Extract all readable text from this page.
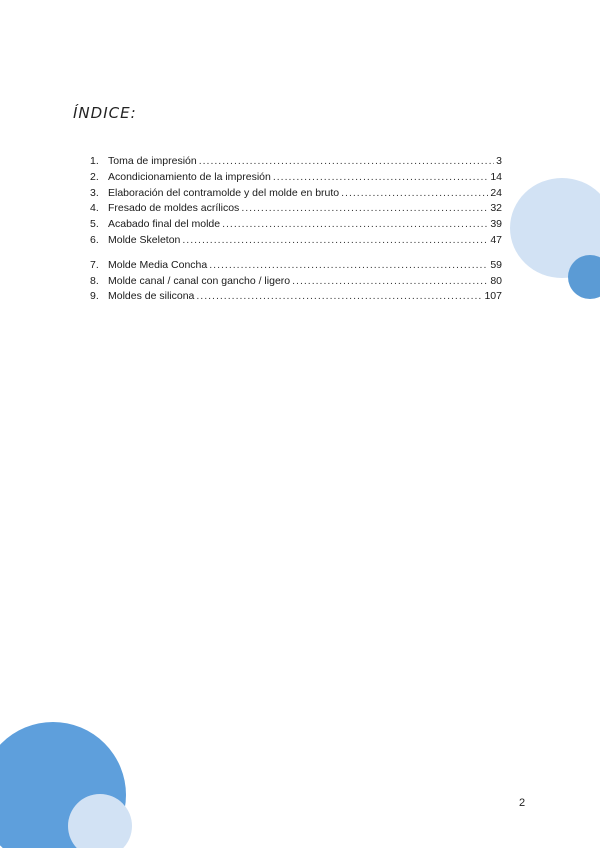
ÍNDICE:
1. Toma de impresión .....	3
2. Acondicionamiento de la impresión .....	14
3. Elaboración del contramolde y del molde en bruto .....	24
4. Fresado de moldes acrílicos .....	32
5. Acabado final del molde .....	39
6. Molde Skeleton .....	47
7. Molde Media Concha .....	59
8. Molde canal / canal con gancho / ligero .....	80
9. Moldes de silicona .....	107
2
